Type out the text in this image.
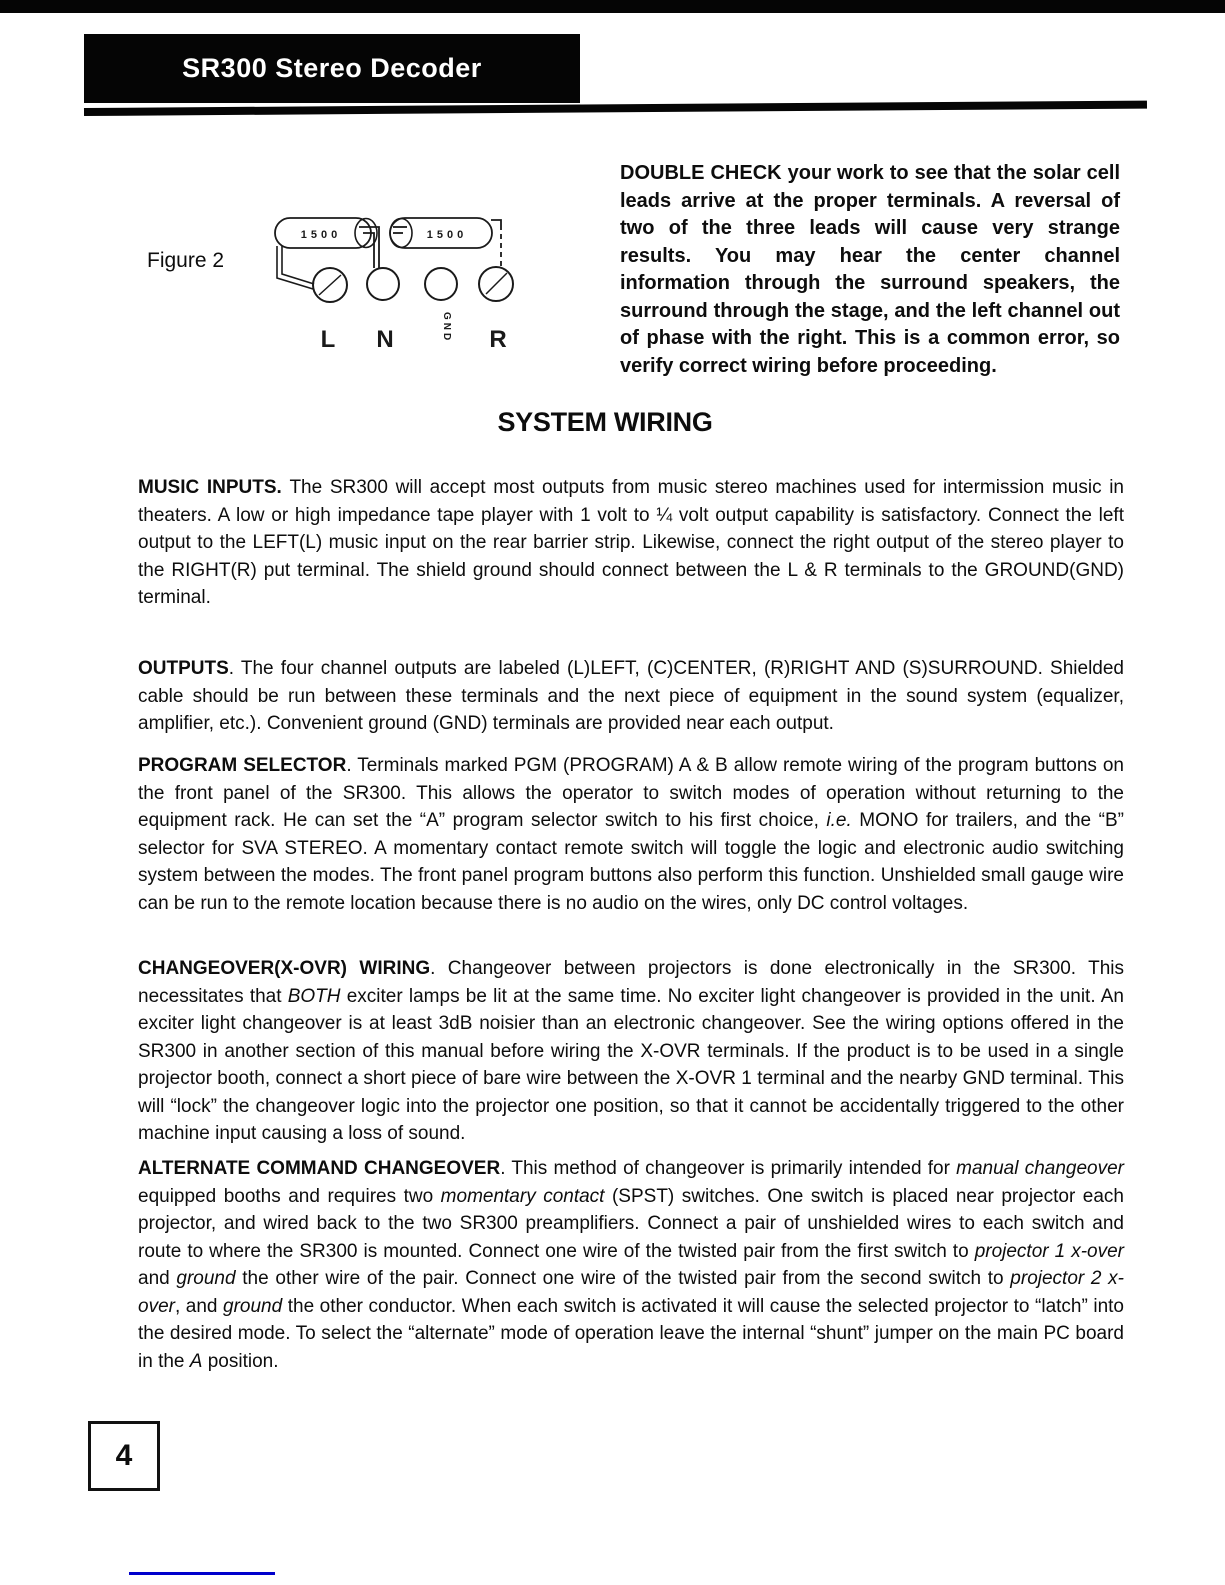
SR300 Stereo Decoder
Figure 2
1500	1500
L N	GND R
DOUBLE CHECK your work to see that the solar cell leads arrive at the proper terminals. A reversal of two of the three leads will cause very strange results. You may hear the center channel information through the surround speakers, the surround through the stage, and the left channel out of phase with the right. This is a common error, so verify correct wiring before proceeding.
SYSTEM WIRING
MUSIC INPUTS. The SR300 will accept most outputs from music stereo machines used for intermission music in theaters. A low or high impedance tape player with 1 volt to ¼ volt output capability is satisfactory. Connect the left output to the LEFT(L) music input on the rear barrier strip. Likewise, connect the right output of the stereo player to the RIGHT(R) put terminal. The shield ground should connect between the L & R terminals to the GROUND(GND) terminal.
OUTPUTS. The four channel outputs are labeled (L)LEFT, (C)CENTER, (R)RIGHT AND (S)SURROUND. Shielded cable should be run between these terminals and the next piece of equipment in the sound system (equalizer, amplifier, etc.). Convenient ground (GND) terminals are provided near each output.
PROGRAM SELECTOR. Terminals marked PGM (PROGRAM) A & B allow remote wiring of the program buttons on the front panel of the SR300. This allows the operator to switch modes of operation without returning to the equipment rack. He can set the “A” program selector switch to his first choice, i.e. MONO for trailers, and the “B” selector for SVA STEREO. A momentary contact remote switch will toggle the logic and electronic audio switching system between the modes. The front panel program buttons also perform this function. Unshielded small gauge wire can be run to the remote location because there is no audio on the wires, only DC control voltages.
CHANGEOVER(X-OVR) WIRING. Changeover between projectors is done electronically in the SR300. This necessitates that BOTH exciter lamps be lit at the same time. No exciter light changeover is provided in the unit. An exciter light changeover is at least 3dB noisier than an electronic changeover. See the wiring options offered in the SR300 in another section of this manual before wiring the X-OVR terminals. If the product is to be used in a single projector booth, connect a short piece of bare wire between the X-OVR 1 terminal and the nearby GND terminal. This will “lock” the changeover logic into the projector one position, so that it cannot be accidentally triggered to the other machine input causing a loss of sound.
ALTERNATE COMMAND CHANGEOVER. This method of changeover is primarily intended for manual changeover equipped booths and requires two momentary contact (SPST) switches. One switch is placed near projector each projector, and wired back to the two SR300 preamplifiers. Connect a pair of unshielded wires to each switch and route to where the SR300 is mounted. Connect one wire of the twisted pair from the first switch to projector 1 x-over and ground the other wire of the pair. Connect one wire of the twisted pair from the second switch to projector 2 x-over, and ground the other conductor. When each switch is activated it will cause the selected projector to “latch” into the desired mode. To select the “alternate” mode of operation leave the internal “shunt” jumper on the main PC board in the A position.
4
